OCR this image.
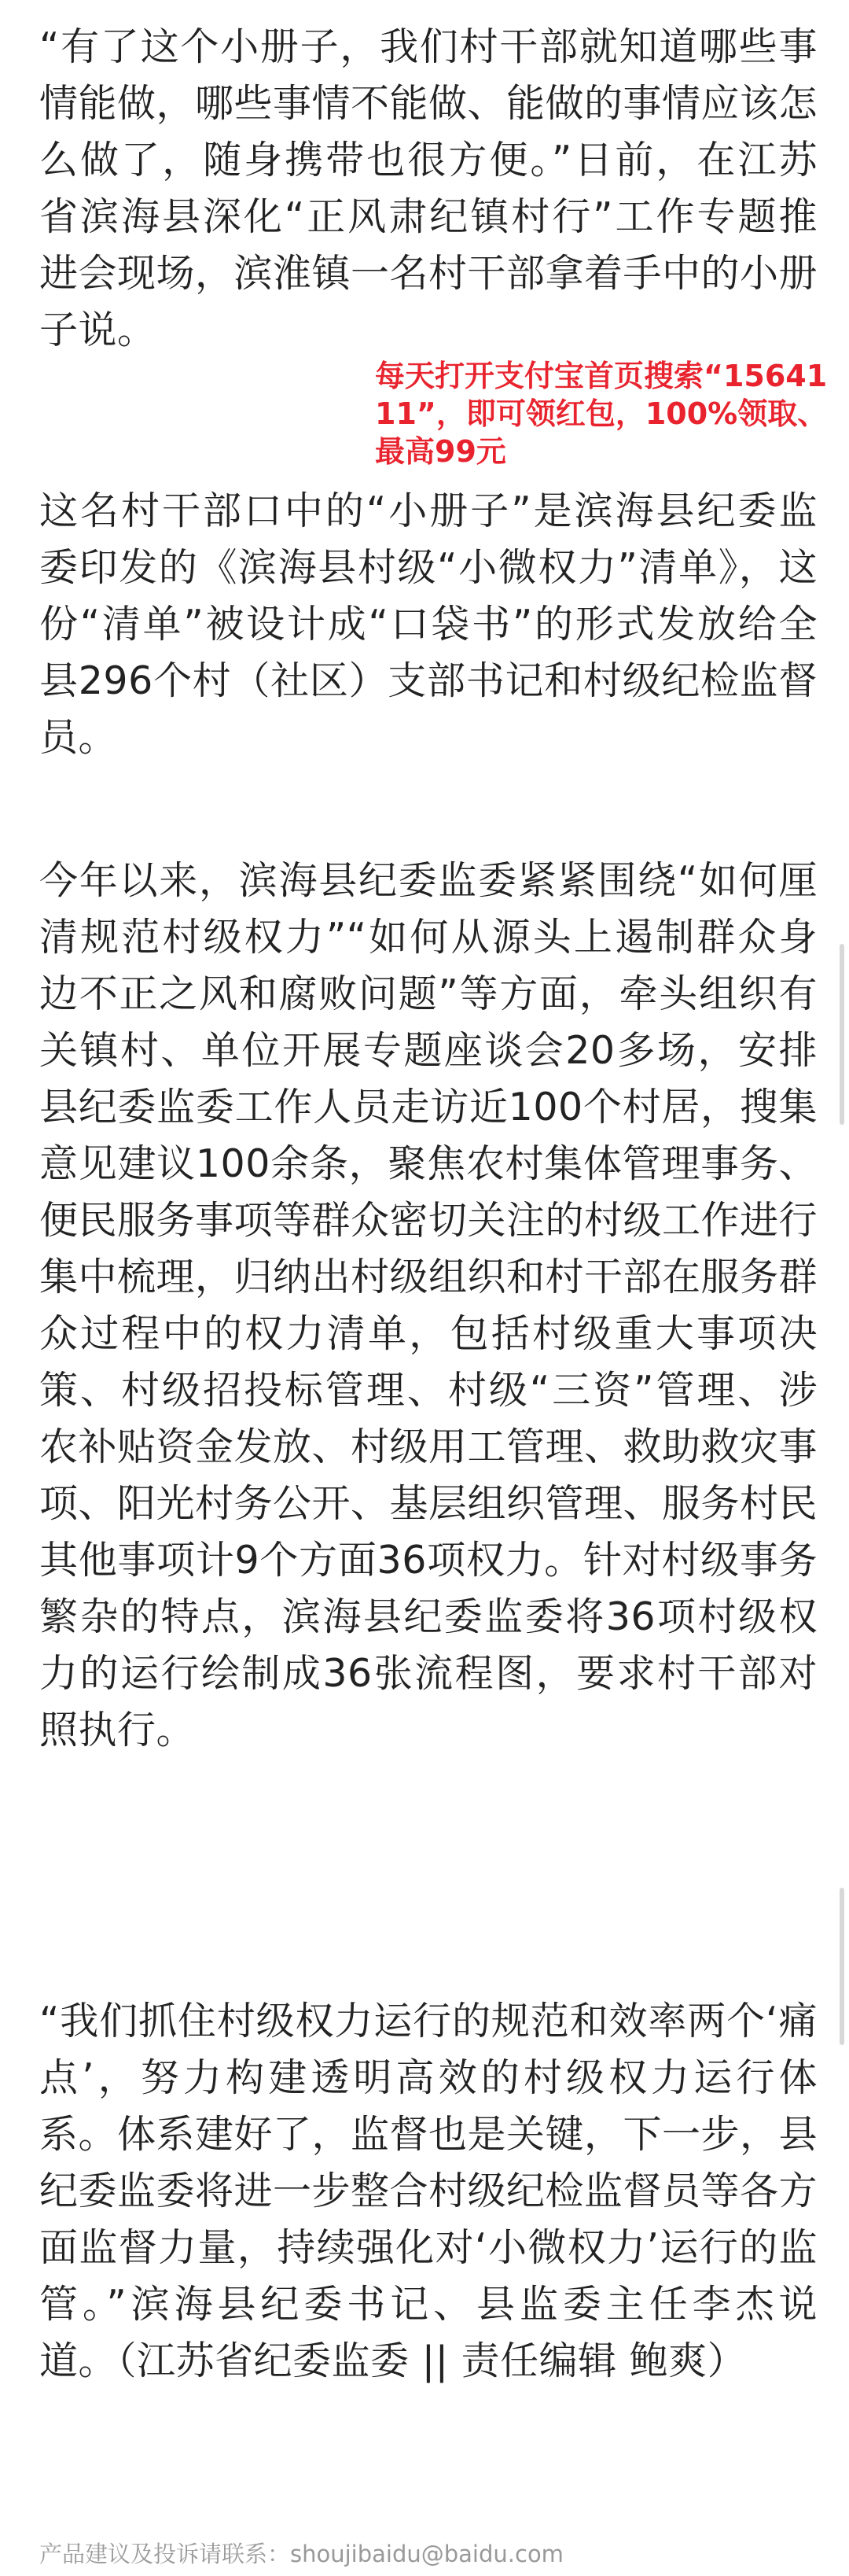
“有了这个小册子，我们村干部就知道哪些事情能做，哪些事情不能做、能做的事情应该怎么做了，随身携带也很方便。”日前，在江苏省滨海县深化“正风肃纪镇村行”工作专题推进会现场，滨淮镇一名村干部拿着手中的小册子说。

每天打开支付宝首页搜索“1564111”，即可领红包，100%领取、最高99元

这名村干部口中的“小册子”是滨海县纪委监委印发的《滨海县村级“小微权力”清单》，这份“清单”被设计成“口袋书”的形式发放给全县296个村（社区）支部书记和村级纪检监督员。

今年以来，滨海县纪委监委紧紧围绕“如何厘清规范村级权力”“如何从源头上遏制群众身边不正之风和腐败问题”等方面，牵头组织有关镇村、单位开展专题座谈会20多场，安排县纪委监委工作人员走访近100个村居，搜集意见建议100余条，聚焦农村集体管理事务、便民服务事项等群众密切关注的村级工作进行集中梳理，归纳出村级组织和村干部在服务群众过程中的权力清单，包括村级重大事项决策、村级招投标管理、村级“三资”管理、涉农补贴资金发放、村级用工管理、救助救灾事项、阳光村务公开、基层组织管理、服务村民其他事项计9个方面36项权力。针对村级事务繁杂的特点，滨海县纪委监委将36项村级权力的运行绘制成36张流程图，要求村干部对照执行。

“我们抓住村级权力运行的规范和效率两个‘痛点’，努力构建透明高效的村级权力运行体系。体系建好了，监督也是关键，下一步，县纪委监委将进一步整合村级纪检监督员等各方面监督力量，持续强化对‘小微权力’运行的监管。”滨海县纪委书记、县监委主任李杰说道。（江苏省纪委监委 || 责任编辑 鲍爽）

产品建议及投诉请联系：shoujibaidu@baidu.com
